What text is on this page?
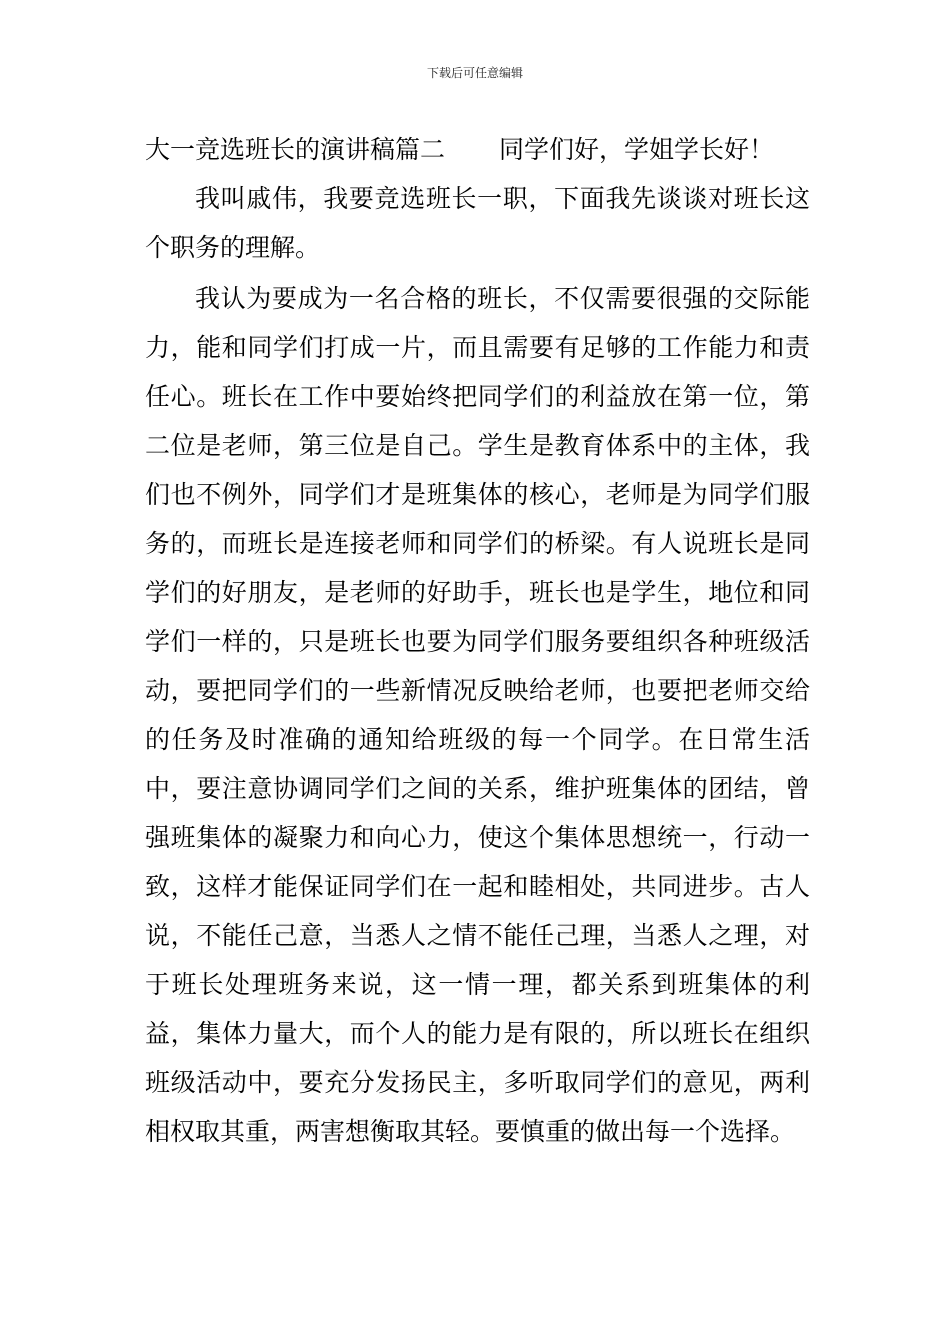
下载后可任意编辑

大一竞选班长的演讲稿篇二 同学们好，学姐学长好！

我叫戚伟，我要竞选班长一职，下面我先谈谈对班长这个职务的理解。

我认为要成为一名合格的班长，不仅需要很强的交际能力，能和同学们打成一片，而且需要有足够的工作能力和责任心。班长在工作中要始终把同学们的利益放在第一位，第二位是老师，第三位是自己。学生是教育体系中的主体，我们也不例外，同学们才是班集体的核心，老师是为同学们服务的，而班长是连接老师和同学们的桥梁。有人说班长是同学们的好朋友，是老师的好助手，班长也是学生，地位和同学们一样的，只是班长也要为同学们服务要组织各种班级活动，要把同学们的一些新情况反映给老师，也要把老师交给的任务及时准确的通知给班级的每一个同学。在日常生活中，要注意协调同学们之间的关系，维护班集体的团结，曾强班集体的凝聚力和向心力，使这个集体思想统一，行动一致，这样才能保证同学们在一起和睦相处，共同进步。古人说，不能任己意，当悉人之情不能任己理，当悉人之理，对于班长处理班务来说，这一情一理，都关系到班集体的利益，集体力量大，而个人的能力是有限的，所以班长在组织班级活动中，要充分发扬民主，多听取同学们的意见，两利相权取其重，两害想衡取其轻。要慎重的做出每一个选择。
